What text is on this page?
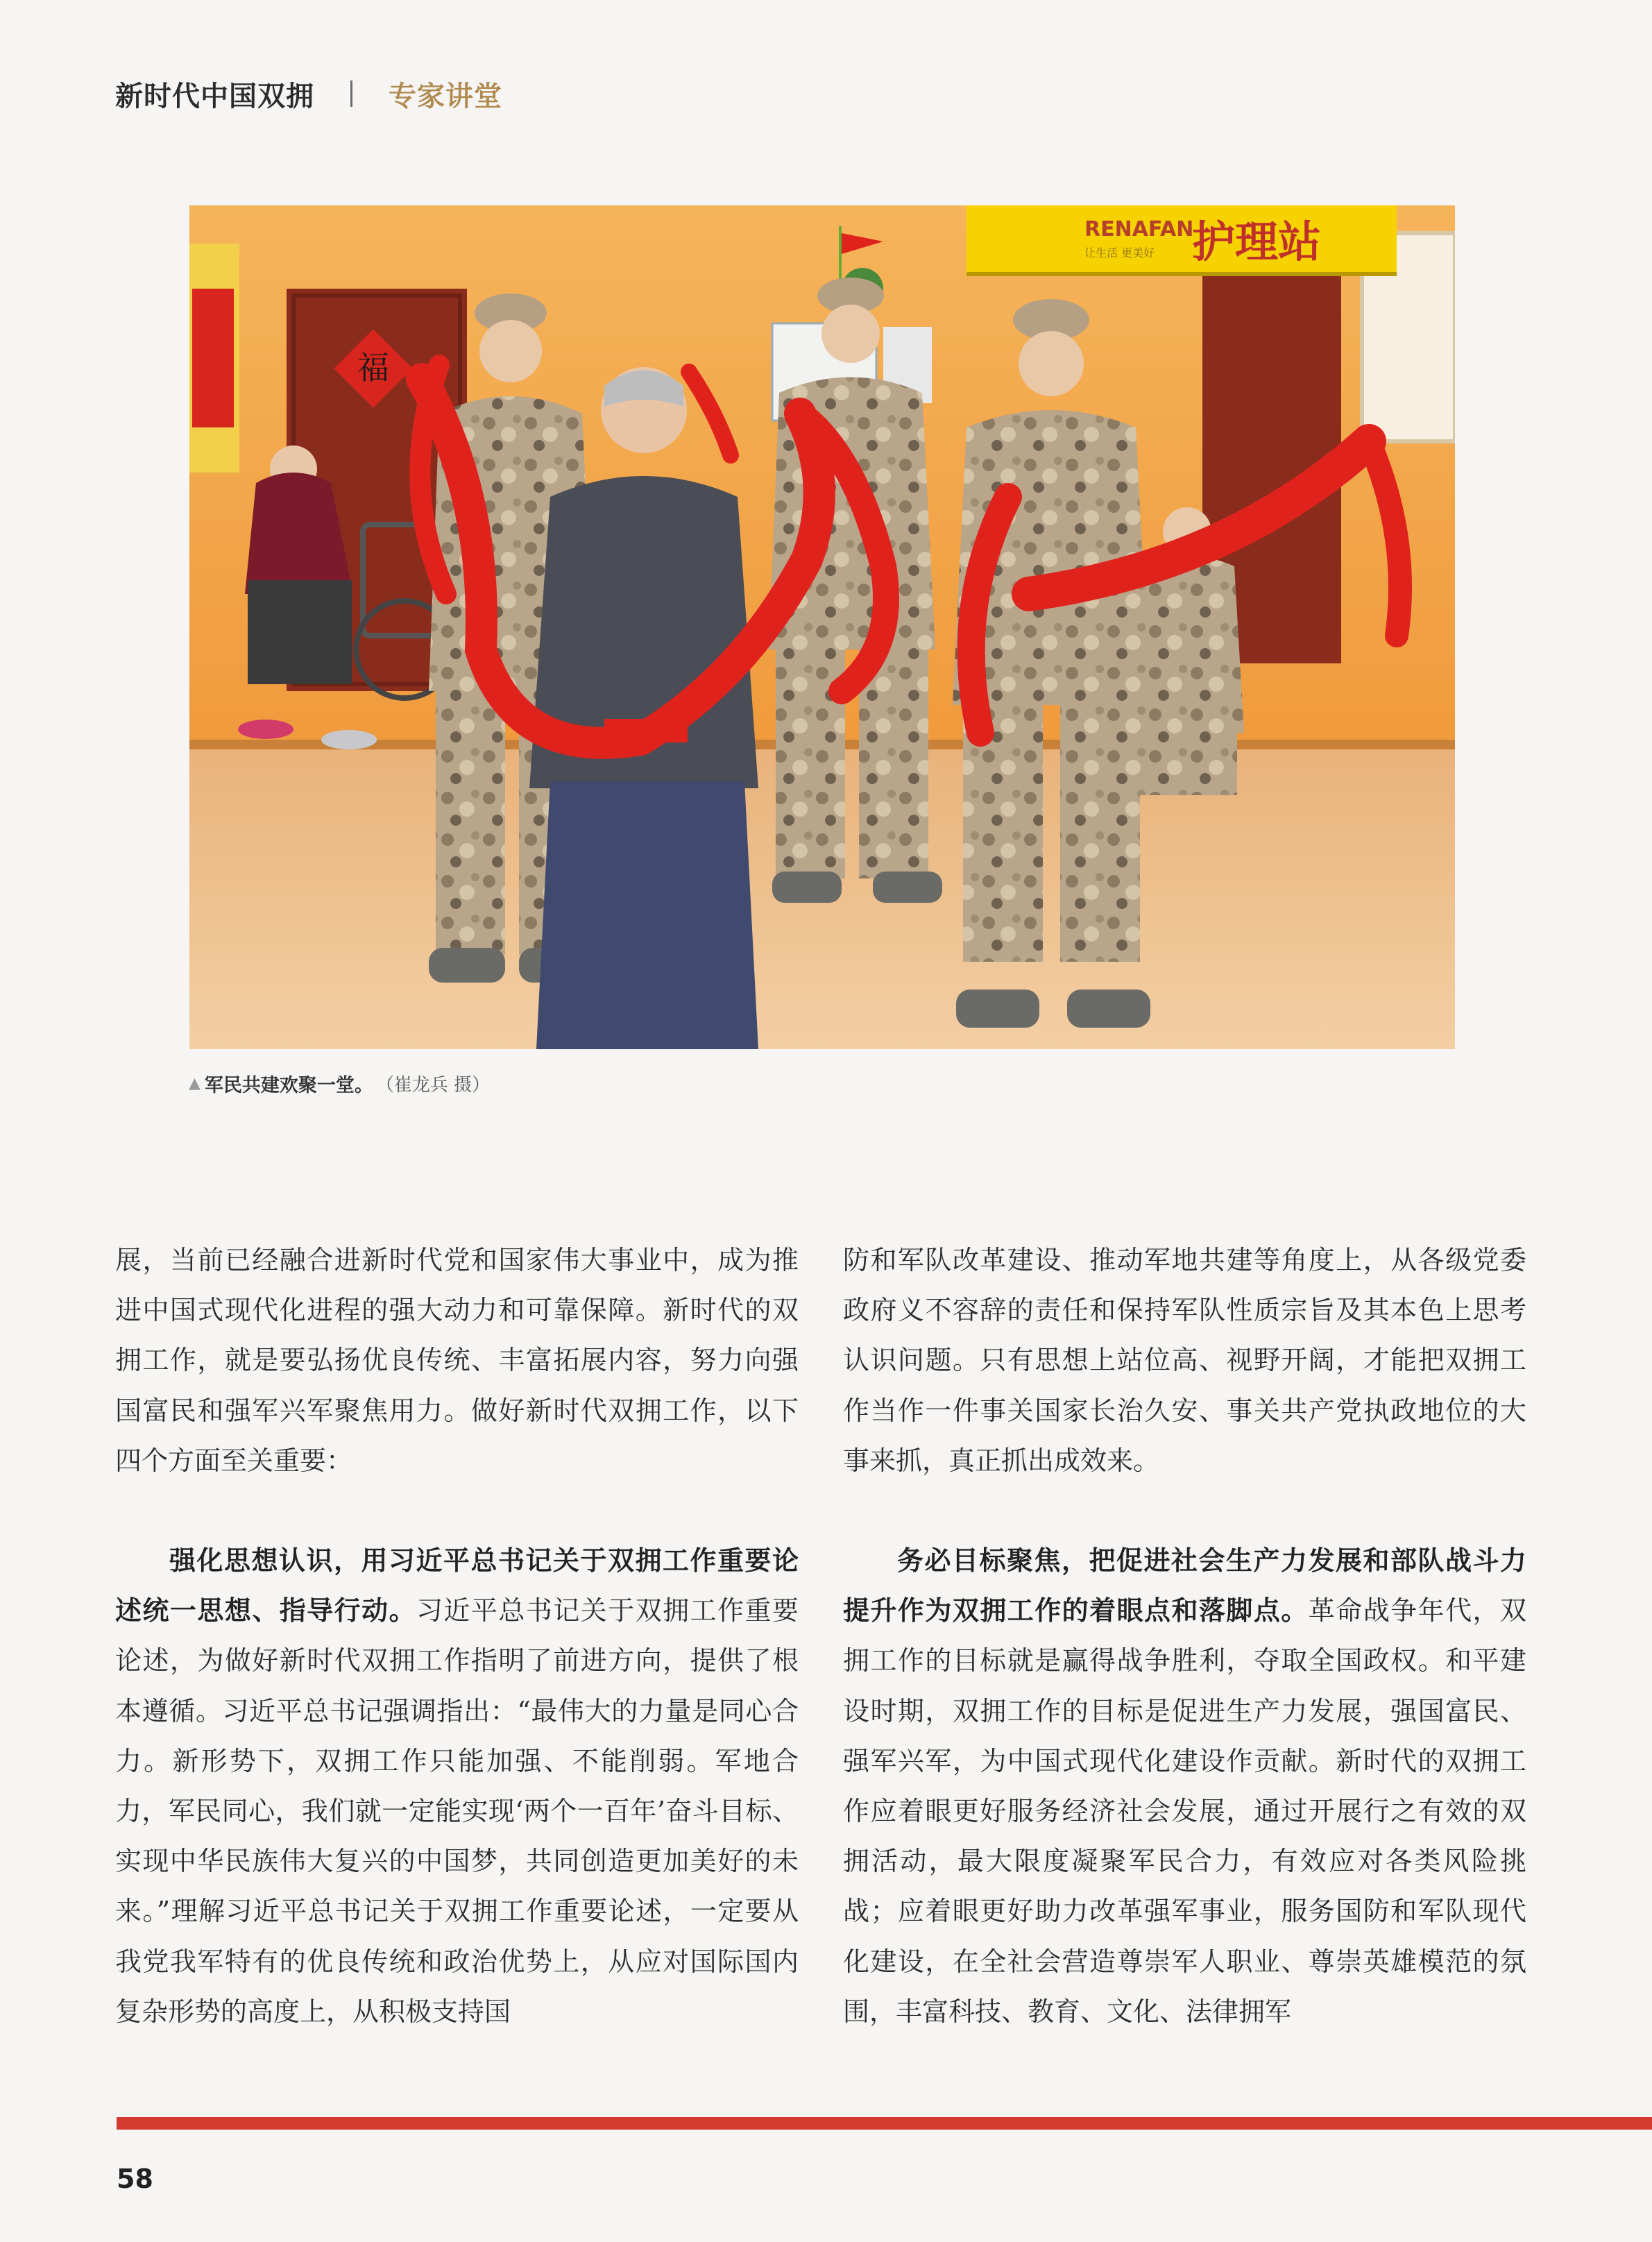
新时代中国双拥	专家讲堂
福
RENAFAN
让生活 更美好 护理站
▲ 军民共建欢聚一堂。 （崔龙兵 摄）

展，当前已经融合进新时代党和国家伟大事业中，成为推进中国式现代化进程的强大动力和可靠保障。新时代的双拥工作，就是要弘扬优良传统、丰富拓展内容，努力向强国富民和强军兴军聚焦用力。做好新时代双拥工作，以下四个方面至关重要：

强化思想认识，用习近平总书记关于双拥工作重要论述统一思想、指导行动。习近平总书记关于双拥工作重要论述，为做好新时代双拥工作指明了前进方向，提供了根本遵循。习近平总书记强调指出：“最伟大的力量是同心合力。新形势下，双拥工作只能加强、不能削弱。军地合力，军民同心，我们就一定能实现‘两个一百年’奋斗目标、实现中华民族伟大复兴的中国梦，共同创造更加美好的未来。”理解习近平总书记关于双拥工作重要论述，一定要从我党我军特有的优良传统和政治优势上，从应对国际国内复杂形势的高度上，从积极支持国

防和军队改革建设、推动军地共建等角度上，从各级党委政府义不容辞的责任和保持军队性质宗旨及其本色上思考认识问题。只有思想上站位高、视野开阔，才能把双拥工作当作一件事关国家长治久安、事关共产党执政地位的大事来抓，真正抓出成效来。

务必目标聚焦，把促进社会生产力发展和部队战斗力提升作为双拥工作的着眼点和落脚点。革命战争年代，双拥工作的目标就是赢得战争胜利，夺取全国政权。和平建设时期，双拥工作的目标是促进生产力发展，强国富民、强军兴军，为中国式现代化建设作贡献。新时代的双拥工作应着眼更好服务经济社会发展，通过开展行之有效的双拥活动，最大限度凝聚军民合力，有效应对各类风险挑战；应着眼更好助力改革强军事业，服务国防和军队现代化建设，在全社会营造尊崇军人职业、尊崇英雄模范的氛围，丰富科技、教育、文化、法律拥军

58
